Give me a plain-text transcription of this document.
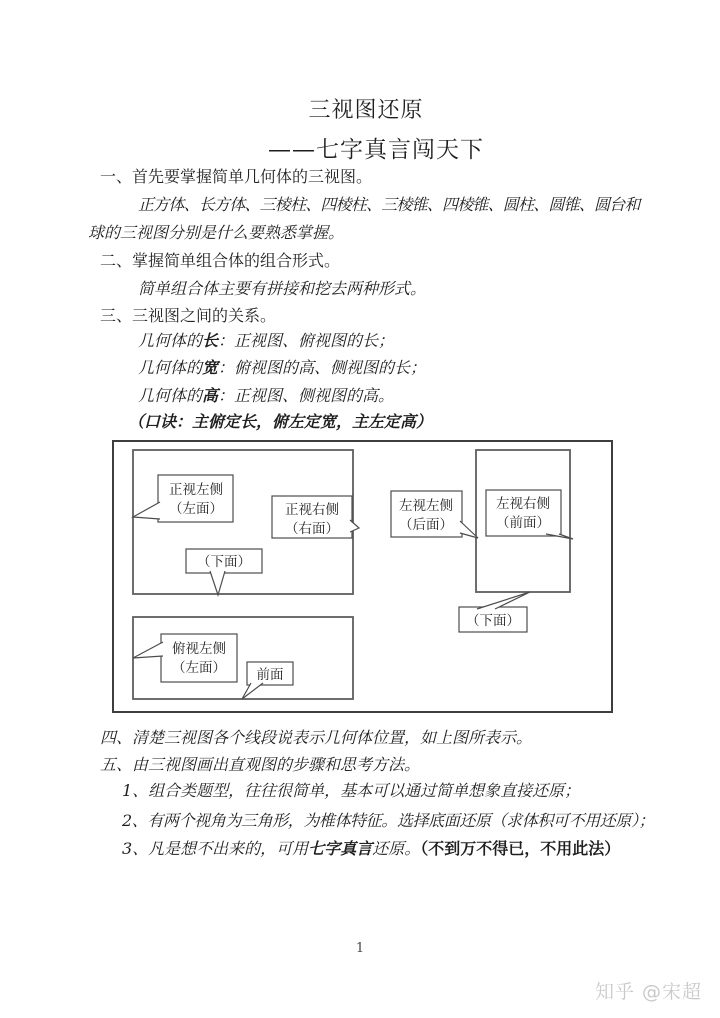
三视图还原
——七字真言闯天下
一、首先要掌握简单几何体的三视图。
正方体、长方体、三棱柱、四棱柱、三棱锥、四棱锥、圆柱、圆锥、圆台和
球的三视图分别是什么要熟悉掌握。
二、掌握简单组合体的组合形式。
简单组合体主要有拼接和挖去两种形式。
三、三视图之间的关系。
几何体的长：正视图、俯视图的长；
几何体的宽：俯视图的高、侧视图的长；
几何体的高：正视图、侧视图的高。
（口诀：主俯定长，俯左定宽，主左定高）
正视左侧
（左面）	正视右侧
（右面）
（下面）
左视左侧
（后面）
左视右侧
（前面）
（下面）
俯视左侧
（左面） 前面
四、清楚三视图各个线段说表示几何体位置，如上图所表示。
五、由三视图画出直观图的步骤和思考方法。
1、组合类题型，往往很简单，基本可以通过简单想象直接还原；
2、有两个视角为三角形，为椎体特征。选择底面还原（求体积可不用还原）；
3、凡是想不出来的，可用七字真言还原。（不到万不得已，不用此法）
1
知乎 @宋超
